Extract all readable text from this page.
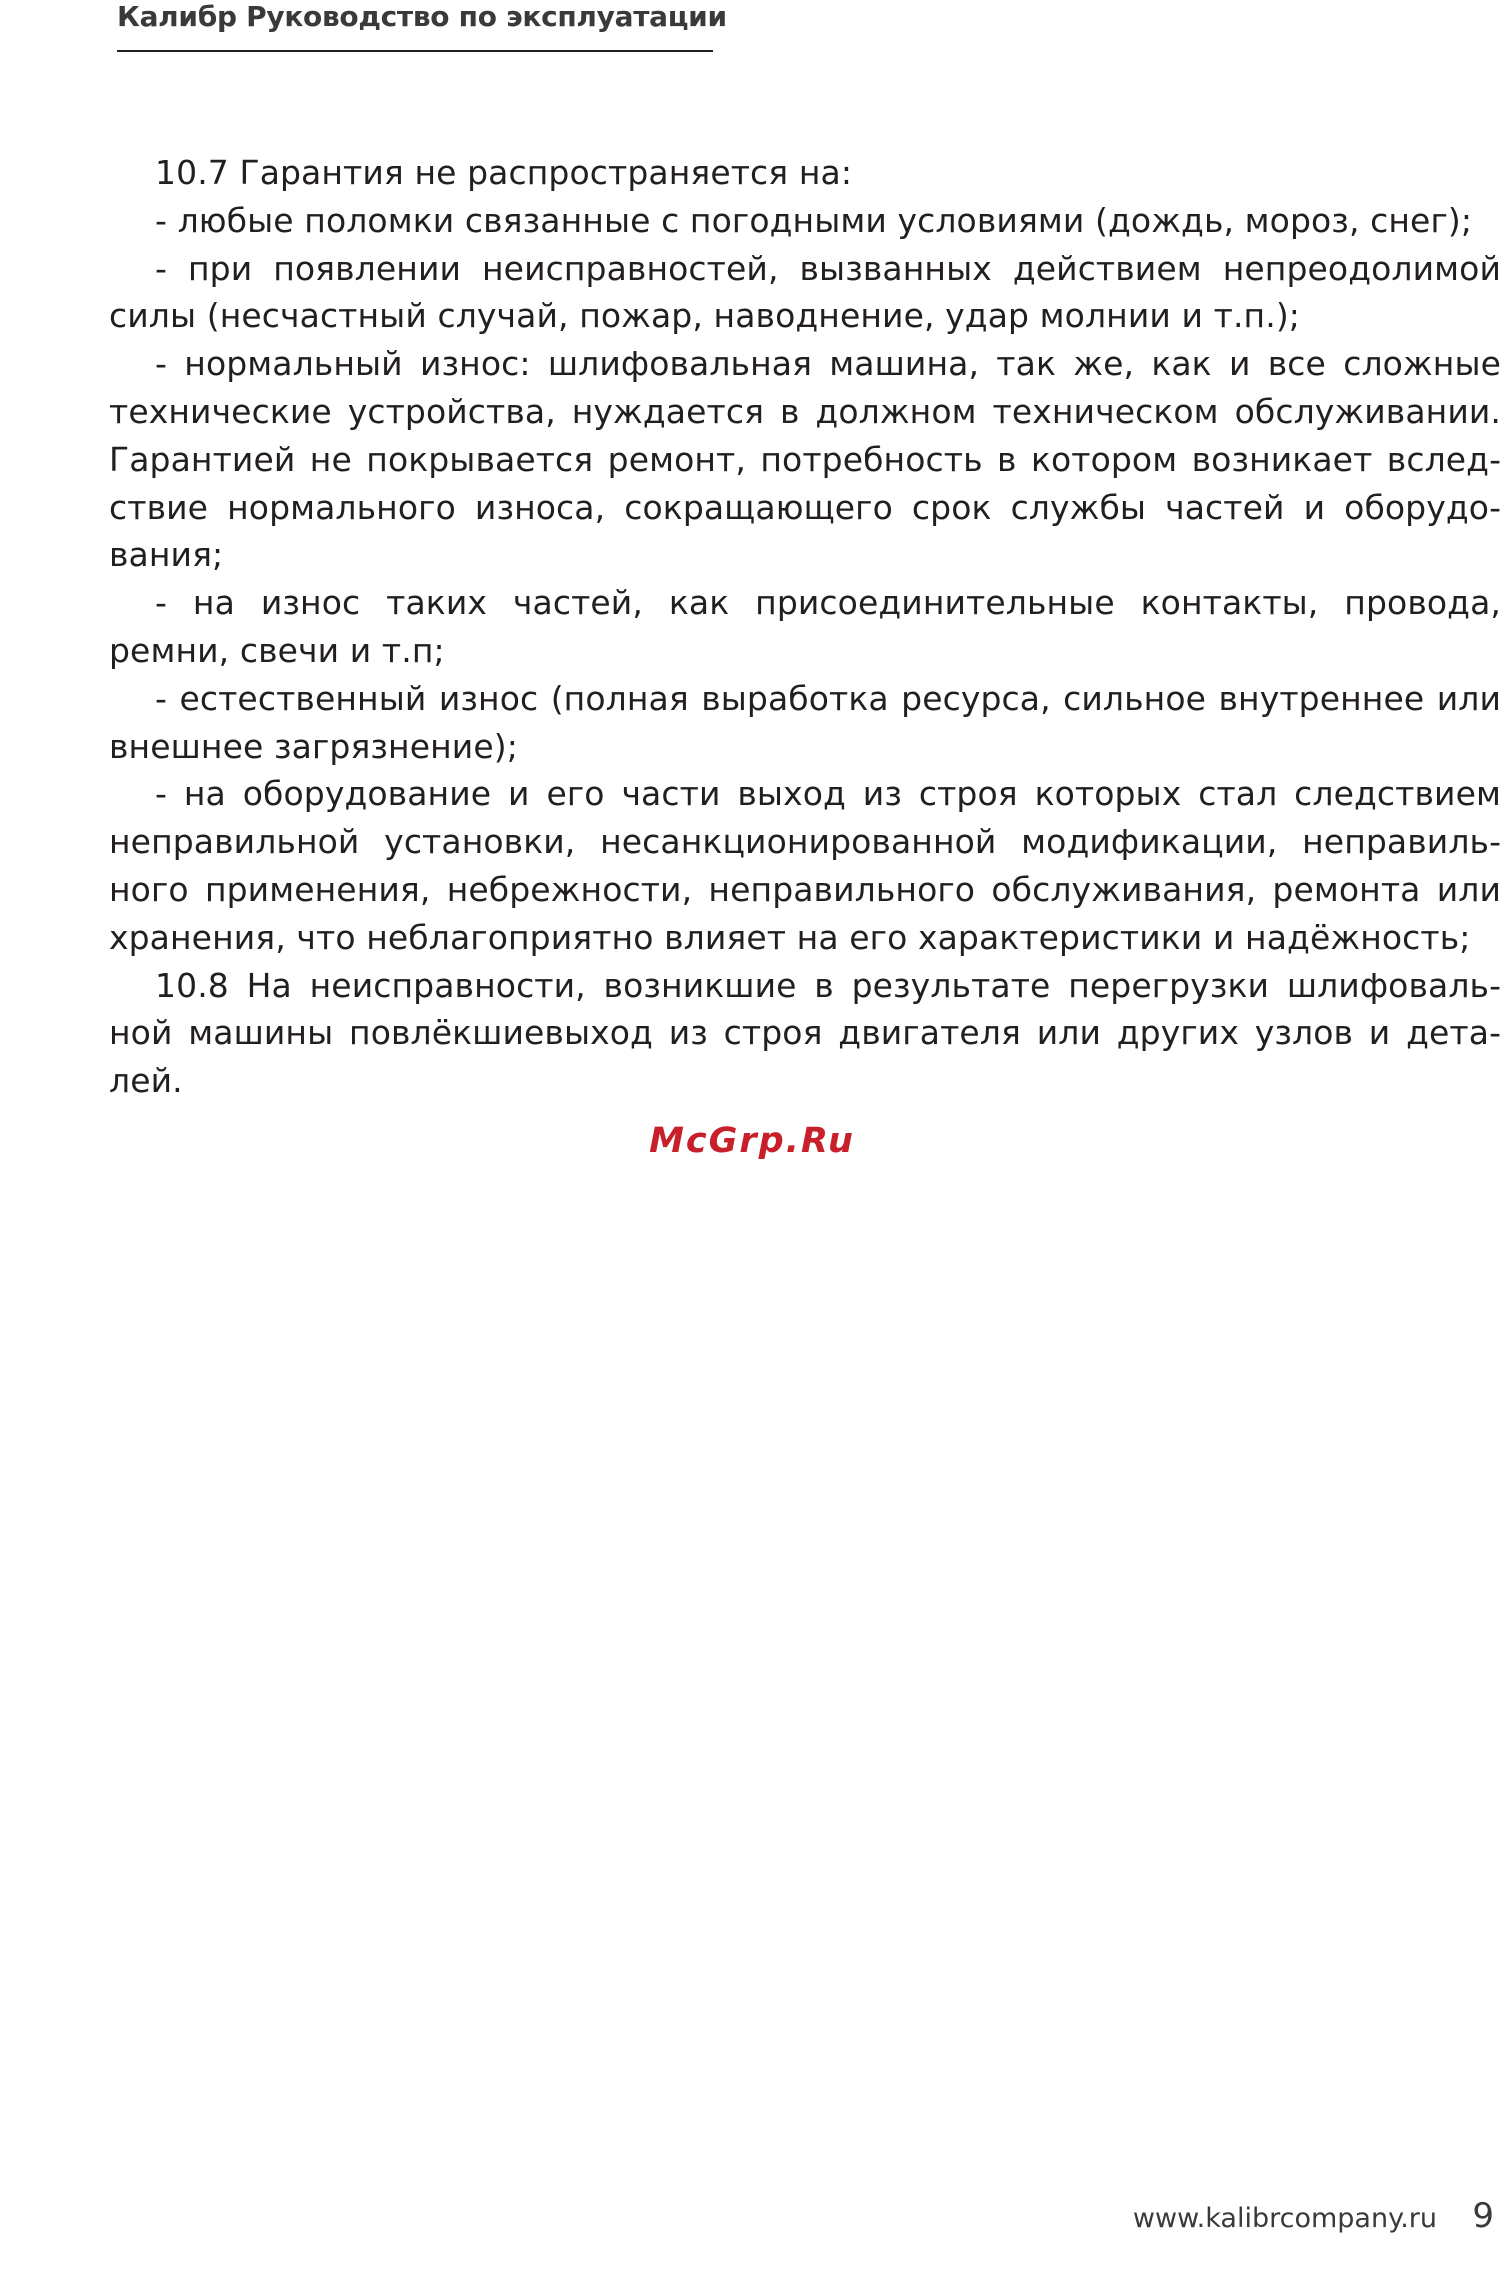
Калибр Руководство по эксплуатации

10.7 Гарантия не распространяется на:

- любые поломки связанные с погодными условиями (дождь, мороз, снег);

- при появлении неисправностей, вызванных действием непреодолимой силы (несчастный случай, пожар, наводнение, удар молнии и т.п.);

- нормальный износ: шлифовальная машина, так же, как и все сложные технические устройства, нуждается в должном техническом обслуживании. Гарантией не покрывается ремонт, потребность в котором возникает вследствие нормального износа, сокращающего срок службы частей и оборудования;

- на износ таких частей, как присоединительные контакты, провода, ремни, свечи и т.п;

- естественный износ (полная выработка ресурса, сильное внутреннее или внешнее загрязнение);

- на оборудование и его части выход из строя которых стал следствием неправильной установки, несанкционированной модификации, неправильного применения, небрежности, неправильного обслуживания, ремонта или хранения, что неблагоприятно влияет на его характеристики и надёжность;

10.8 На неисправности, возникшие в результате перегрузки шлифовальной машины повлёкшиевыход из строя двигателя или других узлов и деталей.

McGrp.Ru
www.kalibrcompany.ru 9
